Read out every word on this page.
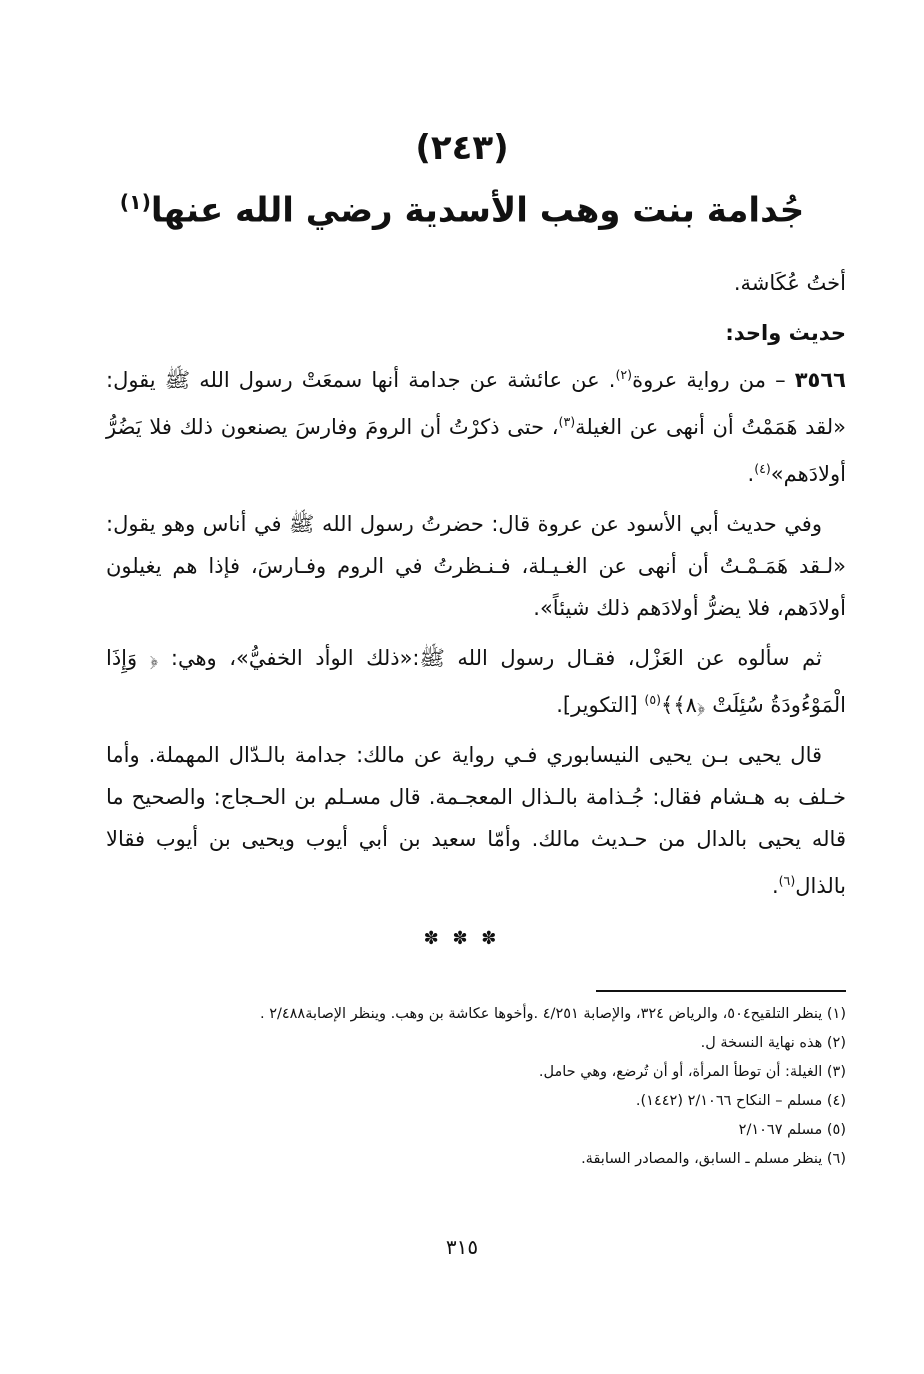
(٢٤٣)
جُدامة بنت وهب الأسدية رضي الله عنها$^{(١)}$

أختُ عُكَاشة.

حديث واحد:

٣٥٦٦ – من رواية عروة$^{(٢)}$. عن عائشة عن جدامة أنها سمعَتْ رسول الله ﷺ يقول: «لقد هَمَمْتُ أن أنهى عن الغيلة$^{(٣)}$، حتى ذكرْتُ أن الرومَ وفارسَ يصنعون ذلك فلا يَضُرُّ أولادَهم»$^{(٤)}$.

وفي حديث أبي الأسود عن عروة قال: حضرتُ رسول الله ﷺ في أناس وهو يقول: «لـقد هَمَـمْـتُ أن أنهى عن الغـيـلة، فـنـظرتُ في الروم وفـارسَ، فإذا هم يغيلون أولادَهم، فلا يضرُّ أولادَهم ذلك شيئاً».

ثم سألوه عن العَزْل، فقـال رسول الله ﷺ:«ذلك الوأد الخفيُّ»، وهي: ﴿ وَإِذَا الْمَوْءُودَةُ سُئِلَتْ ﴿٨﴾﴾$^{(٥)}$ [التكوير].

قال يحيى بـن يحيى النيسابوري فـي رواية عن مالك: جدامة بالـدّال المهملة. وأما خـلف به هـشام فقال: جُـذامة بالـذال المعجـمة. قال مسـلم بن الحـجاج: والصحيح ما قاله يحيى بالدال من حـديث مالك. وأمّا سعيد بن أبي أيوب ويحيى بن أيوب فقالا بالذال$^{(٦)}$.

✽ ✽ ✽

(١) ينظر التلقيح٥٠٤، والرياض ٣٢٤، والإصابة ٤/٢٥١ .وأخوها عكاشة بن وهب. وينظر الإصابة٢/٤٨٨ .

(٢) هذه نهاية النسخة ل.

(٣) الغيلة: أن توطأ المرأة، أو أن تُرضع، وهي حامل.

(٤) مسلم – النكاح ٢/١٠٦٦ (١٤٤٢).

(٥) مسلم ٢/١٠٦٧

(٦) ينظر مسلم ـ السابق، والمصادر السابقة.

٣١٥
